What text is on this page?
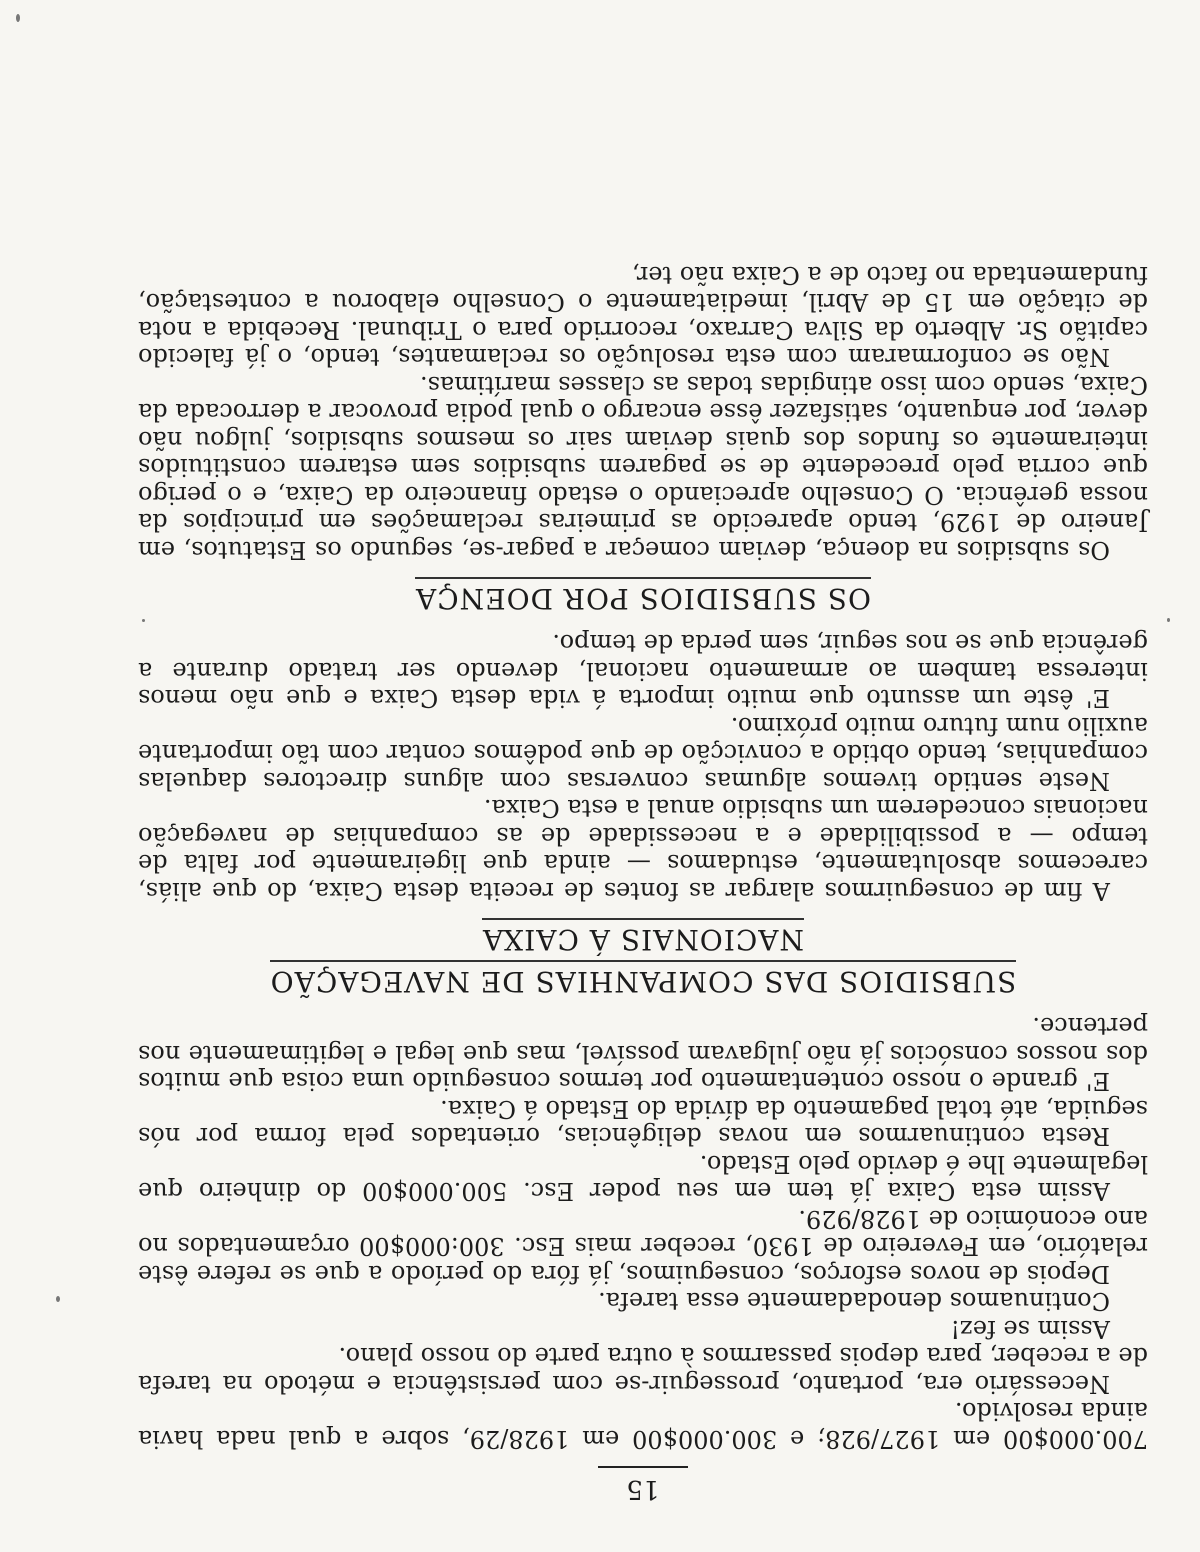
15

700.000$00 em 1927/928; e 300.000$00 em 1928/29, sobre a qual nada havia ainda resolvido.

Necessário era, portanto, prosseguir-se com persistência e método na tarefa de a receber, para depois passarmos à outra parte do nosso plano.

Assim se fez!

Continuamos denodadamente essa tarefa.

Depois de novos esforços, conseguimos, já fóra do período a que se refere êste relatório, em Fevereiro de 1930, receber mais Esc. 300:000$00 orçamentados no ano económico de 1928/929.

Assim esta Caixa já tem em seu poder Esc. 500.000$00 do dinheiro que legalmente lhe é devido pelo Estado.

Resta continuarmos em novas deligências, orientados pela forma por nós seguida, até total pagamento da dívida do Estado á Caixa.

E' grande o nosso contentamento por termos conseguido uma coisa que muitos dos nossos consócios já não julgavam possível, mas que legal e legitimamente nos pertence.

SUBSIDIOS DAS COMPANHIAS DE NAVEGAÇÃO
NACIONAIS Á CAIXA

A fim de conseguirmos alargar as fontes de receita desta Caixa, do que aliás, carecemos absolutamente, estudamos — ainda que ligeiramente por falta de tempo — a possibilidade e a necessidade de as companhias de navegação nacionais concederem um subsidio anual a esta Caixa.

Neste sentido tivemos algumas conversas com alguns directores daquelas companhias, tendo obtido a convicção de que podêmos contar com tão importante auxilio num futuro muito próximo.

E' êste um assunto que muito importa á vida desta Caixa e que não menos interessa tambem ao armamento nacional, devendo ser tratado durante a gerência que se nos seguir, sem perda de tempo.

OS SUBSIDIOS POR DOENÇA

Os subsidios na doença, deviam começar a pagar-se, segundo os Estatutos, em Janeiro de 1929, tendo aparecido as primeiras reclamações em principios da nossa gerência. O Conselho apreciando o estado financeiro da Caixa, e o perigo que corria pelo precedente de se pagarem subsidios sem estarem constituidos inteiramente os fundos dos quais deviam sair os mesmos subsidios, julgou não dever, por enquanto, satisfazer êsse encargo o qual podia provocar a derrocada da Caixa, sendo com isso atingidas todas as classes marítimas.

Não se conformaram com esta resolução os reclamantes, tendo, o já falecido capitão Sr. Alberto da Silva Carraxo, recorrido para o Tribunal. Recebida a nota de citação em 15 de Abril, imediatamente o Conselho elaborou a contestação, fundamentada no facto de a Caixa não ter,
